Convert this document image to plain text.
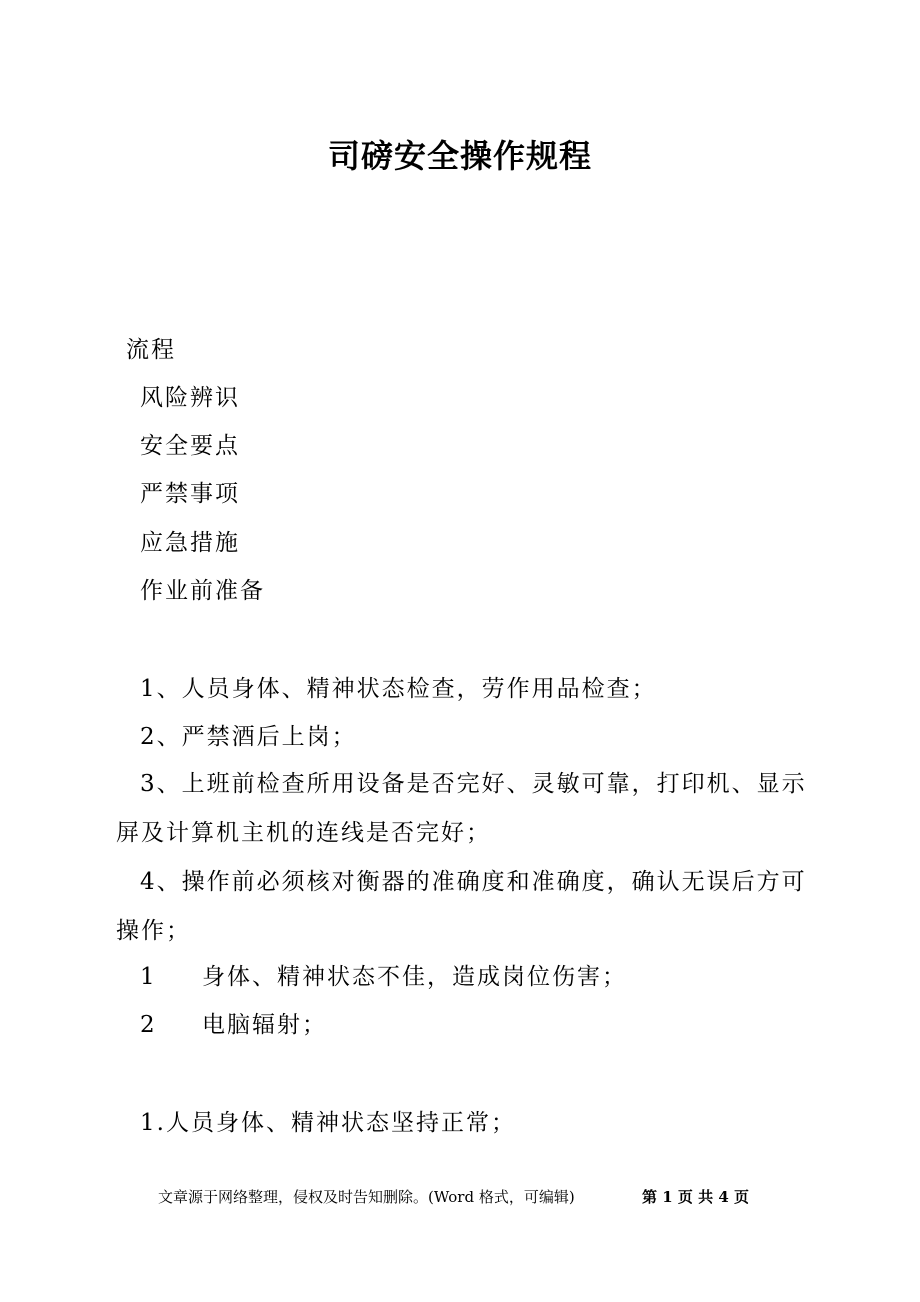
司磅安全操作规程
流程
风险辨识
安全要点
严禁事项
应急措施
作业前准备
1、人员身体、精神状态检查，劳作用品检查；
2、严禁酒后上岗；
3、上班前检查所用设备是否完好、灵敏可靠，打印机、显示屏及计算机主机的连线是否完好；
4、操作前必须核对衡器的准确度和准确度，确认无误后方可操作；
1 身体、精神状态不佳，造成岗位伤害；
2 电脑辐射；
1.人员身体、精神状态坚持正常；
文章源于网络整理，侵权及时告知删除。(Word 格式，可编辑)	第 1 页 共 4 页
